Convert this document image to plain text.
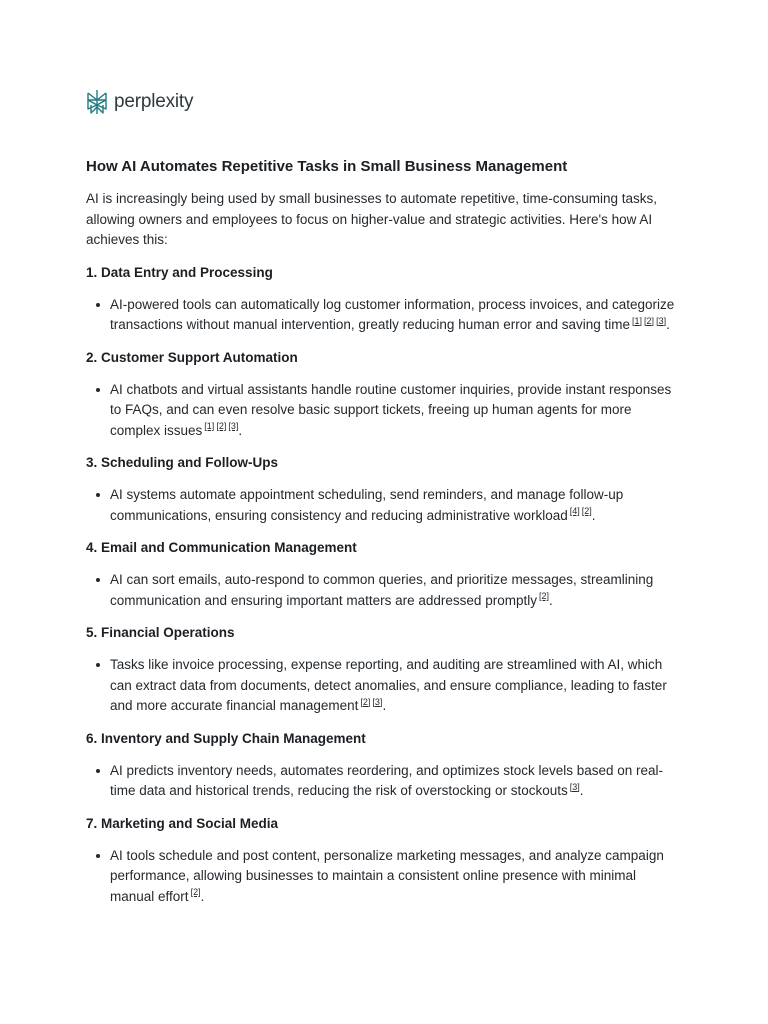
perplexity
How AI Automates Repetitive Tasks in Small Business Management

AI is increasingly being used by small businesses to automate repetitive, time-consuming tasks, allowing owners and employees to focus on higher-value and strategic activities. Here's how AI achieves this:

1. Data Entry and Processing
AI-powered tools can automatically log customer information, process invoices, and categorize transactions without manual intervention, greatly reducing human error and saving time [1] [2] [3].
2. Customer Support Automation
AI chatbots and virtual assistants handle routine customer inquiries, provide instant responses to FAQs, and can even resolve basic support tickets, freeing up human agents for more complex issues [1] [2] [3].
3. Scheduling and Follow-Ups
AI systems automate appointment scheduling, send reminders, and manage follow-up communications, ensuring consistency and reducing administrative workload [4] [2].
4. Email and Communication Management
AI can sort emails, auto-respond to common queries, and prioritize messages, streamlining communication and ensuring important matters are addressed promptly [2].
5. Financial Operations
Tasks like invoice processing, expense reporting, and auditing are streamlined with AI, which can extract data from documents, detect anomalies, and ensure compliance, leading to faster and more accurate financial management [2] [3].
6. Inventory and Supply Chain Management
AI predicts inventory needs, automates reordering, and optimizes stock levels based on real-time data and historical trends, reducing the risk of overstocking or stockouts [3].
7. Marketing and Social Media
AI tools schedule and post content, personalize marketing messages, and analyze campaign performance, allowing businesses to maintain a consistent online presence with minimal manual effort [2].
